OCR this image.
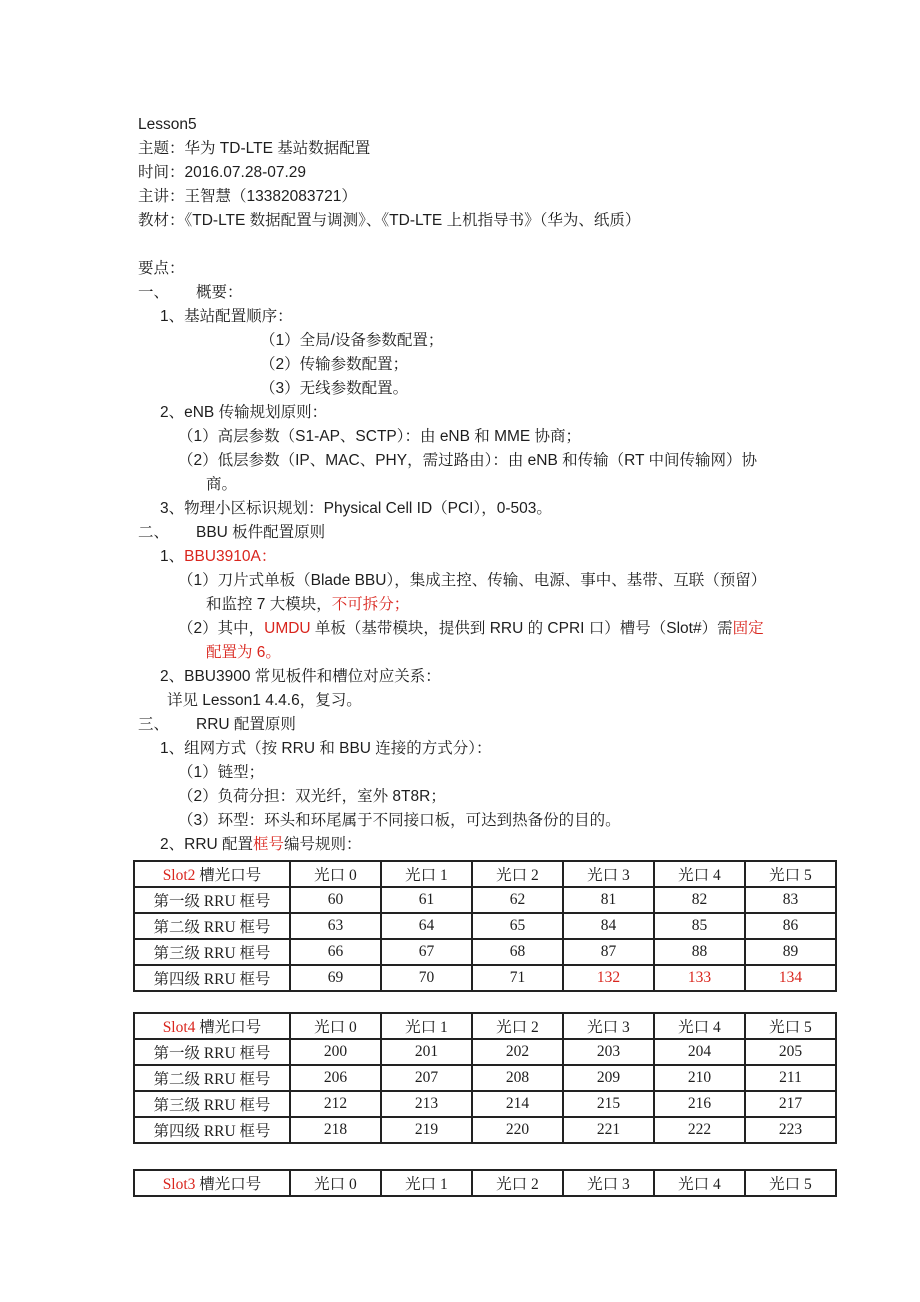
Lesson5
主题：华为 TD-LTE 基站数据配置
时间：2016.07.28-07.29
主讲：王智慧（13382083721）
教材：《TD-LTE 数据配置与调测》、《TD-LTE 上机指导书》（华为、纸质）
要点：
一、 概要：
1、基站配置顺序：
（1）全局/设备参数配置；
（2）传输参数配置；
（3）无线参数配置。
2、eNB 传输规划原则：
（1）高层参数（S1-AP、SCTP）：由 eNB 和 MME 协商；
（2）低层参数（IP、MAC、PHY，需过路由）：由 eNB 和传输（RT 中间传输网）协
商。
3、物理小区标识规划：Physical Cell ID（PCI），0-503。
二、 BBU 板件配置原则
1、BBU3910A：
（1）刀片式单板（Blade BBU），集成主控、传输、电源、事中、基带、互联（预留）
和监控 7 大模块，不可拆分；
（2）其中，UMDU 单板（基带模块，提供到 RRU 的 CPRI 口）槽号（Slot#）需固定
配置为 6。
2、BBU3900 常见板件和槽位对应关系：
详见 Lesson1 4.4.6，复习。
三、 RRU 配置原则
1、组网方式（按 RRU 和 BBU 连接的方式分）：
（1）链型；
（2）负荷分担：双光纤，室外 8T8R；
（3）环型：环头和环尾属于不同接口板，可达到热备份的目的。
2、RRU 配置框号编号规则：
Slot2 槽光口号	光口 0	光口 1	光口 2	光口 3	光口 4	光口 5
第一级 RRU 框号	60	61	62	81	82	83
第二级 RRU 框号	63	64	65	84	85	86
第三级 RRU 框号	66	67	68	87	88	89
第四级 RRU 框号	69	70	71	132	133	134
Slot4 槽光口号	光口 0	光口 1	光口 2	光口 3	光口 4	光口 5
第一级 RRU 框号	200	201	202	203	204	205
第二级 RRU 框号	206	207	208	209	210	211
第三级 RRU 框号	212	213	214	215	216	217
第四级 RRU 框号	218	219	220	221	222	223
Slot3 槽光口号	光口 0	光口 1	光口 2	光口 3	光口 4	光口 5
